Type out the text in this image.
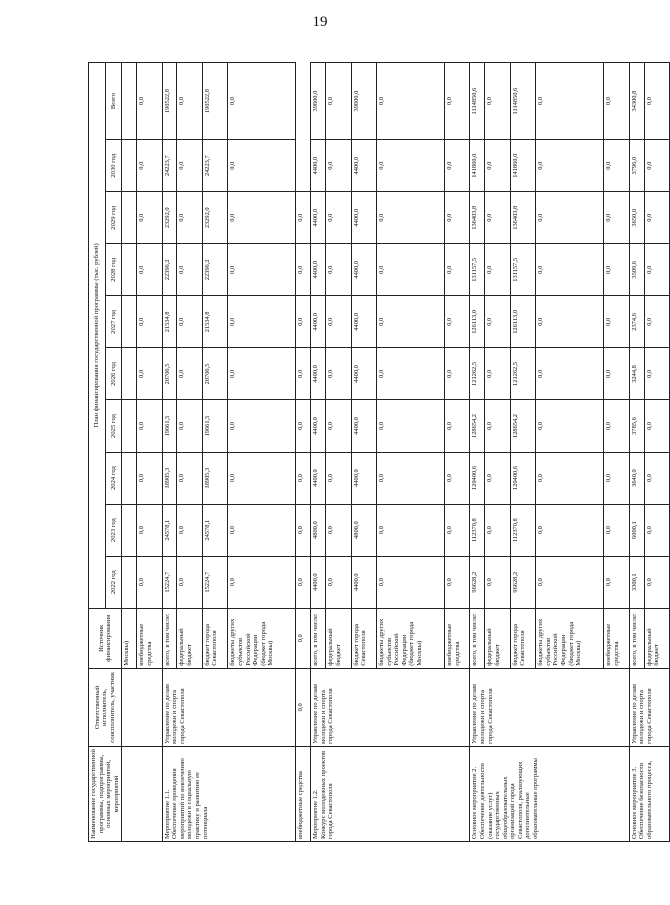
19
Наименование государственной программы, подпрограммы, основных мероприятий, мероприятий	Ответственный исполнитель, соисполнитель, участник	Источник финансирования	План финансирования государственной программы (тыс. рублей)									
			2022 год	2023 год	2024 год	2025 год	2026 год	2027 год	2028 год	2029 год	2030 год	Всего
		Москвы)										
		внебюджетные средства	0,0	0,0	0,0	0,0	0,0	0,0	0,0	0,0	0,0	0,0
Мероприятие 1.1.
Обеспечение проведения мероприятий по вовлечению молодежи в социальную практику и развитию ее потенциала	Управление по делам молодежи и спорта города Севастополя	всего, в том числе:	15224,7	24578,1	18905,3	19661,5	20706,5	21534,8	22396,2	23292,0	24223,7	190522,8
		федеральный бюджет	0,0	0,0	0,0	0,0	0,0	0,0	0,0	0,0	0,0	0,0
		бюджет города Севастополя	15224,7	24578,1	18905,3	19661,5	20706,5	21534,8	22396,2	23292,0	24223,7	190522,8
		бюджеты других субъектов Российской Федерации (бюджет города Москвы)	0,0	0,0	0,0	0,0	0,0	0,0	0,0	0,0	0,0	0,0
внебюджетные средства	0,0	0,0	0,0	0,0	0,0	0,0	0,0	0,0	0,0	0,0		
Мероприятие 1.2.
Конкурс молодежных проектов города Севастополя	Управление по делам молодежи и спорта города Севастополя	всего, в том числе:	4400,0	4800,0	4400,0	4400,0	4400,0	4400,0	4400,0	4400,0	4400,0	39600,0
		федеральный бюджет	0,0	0,0	0,0	0,0	0,0	0,0	0,0	0,0	0,0	0,0
		бюджет города Севастополя	4400,0	4800,0	4400,0	4400,0	4400,0	4400,0	4400,0	4400,0	4400,0	39600,0
		бюджеты других субъектов Российской Федерации (бюджет города Москвы)	0,0	0,0	0,0	0,0	0,0	0,0	0,0	0,0	0,0	0,0
		внебюджетные средства	0,0	0,0	0,0	0,0	0,0	0,0	0,0	0,0	0,0	0,0
Основное мероприятие 2.
Обеспечение деятельности (оказание услуг) государственных общеобразовательных организаций города Севастополя, реализующих дополнительные образовательные программы	Управление по делам молодежи и спорта города Севастополя	всего, в том числе:	96628,2	112370,8	120400,6	128654,2	121262,5	126113,0	131157,5	136403,8	141860,0	1114850,6
		федеральный бюджет	0,0	0,0	0,0	0,0	0,0	0,0	0,0	0,0	0,0	0,0
		бюджет города Севастополя	96628,2	112370,8	120400,6	128654,2	121262,5	126113,0	131157,5	136403,8	141860,0	1114850,6
		бюджеты других субъектов Российской Федерации (бюджет города Москвы)	0,0	0,0	0,0	0,0	0,0	0,0	0,0	0,0	0,0	0,0
		внебюджетные средства	0,0	0,0	0,0	0,0	0,0	0,0	0,0	0,0	0,0	0,0
Основное мероприятие 3.
Обеспечение безопасности образовательного процесса,	Управление по делам молодежи и спорта города Севастополя	всего, в том числе:	3300,1	6000,1	3640,0	3785,6	3244,8	2374,6	3509,6	3650,0	3796,0	34300,8
		федеральный бюджет	0,0	0,0	0,0	0,0	0,0	0,0	0,0	0,0	0,0	0,0
